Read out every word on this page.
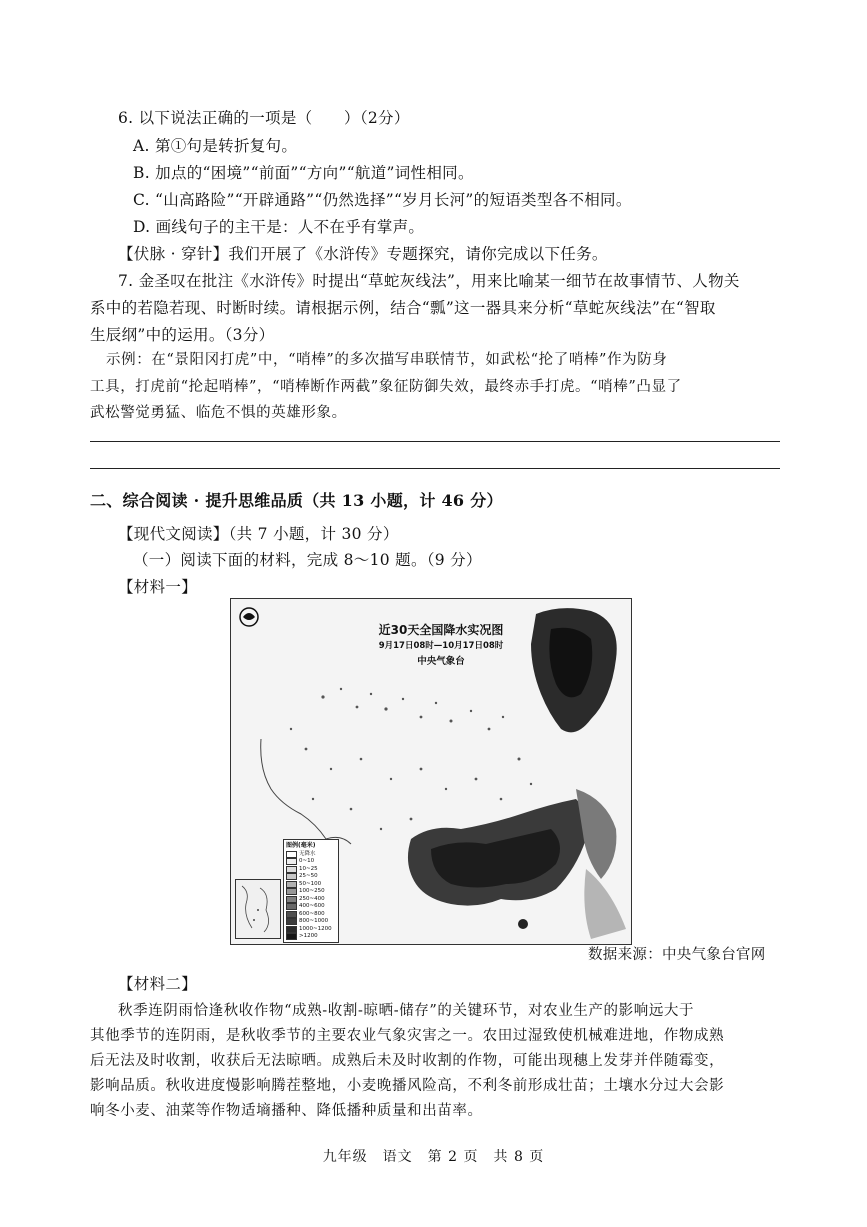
6. 以下说法正确的一项是（　　）（2分）
A. 第①句是转折复句。
B. 加点的“困境”“前面”“方向”“航道”词性相同。
C. “山高路险”“开辟通路”“仍然选择”“岁月长河”的短语类型各不相同。
D. 画线句子的主干是：人不在乎有掌声。
【伏脉 · 穿针】我们开展了《水浒传》专题探究，请你完成以下任务。
7. 金圣叹在批注《水浒传》时提出“草蛇灰线法”，用来比喻某一细节在故事情节、人物关
系中的若隐若现、时断时续。请根据示例，结合“瓢”这一器具来分析“草蛇灰线法”在“智取
生辰纲”中的运用。（3分）
示例：在“景阳冈打虎”中，“哨棒”的多次描写串联情节，如武松“抡了哨棒”作为防身
工具，打虎前“抡起哨棒”，“哨棒断作两截”象征防御失效，最终赤手打虎。“哨棒”凸显了
武松警觉勇猛、临危不惧的英雄形象。
二、综合阅读 · 提升思维品质（共 13 小题，计 46 分）
【现代文阅读】（共 7 小题，计 30 分）
（一）阅读下面的材料，完成 8～10 题。（9 分）
【材料一】
近30天全国降水实况图
9月17日08时—10月17日08时
中央气象台
图例(毫米)
无降水
0~10
10~25
25~50
50~100
100~250
250~400
400~600
600~800
800~1000
1000~1200
>1200
数据来源：中央气象台官网
【材料二】
秋季连阴雨恰逢秋收作物“成熟-收割-晾晒-储存”的关键环节，对农业生产的影响远大于
其他季节的连阴雨，是秋收季节的主要农业气象灾害之一。农田过湿致使机械难进地，作物成熟
后无法及时收割，收获后无法晾晒。成熟后未及时收割的作物，可能出现穗上发芽并伴随霉变，
影响品质。秋收进度慢影响腾茬整地，小麦晚播风险高，不利冬前形成壮苗；土壤水分过大会影
响冬小麦、油菜等作物适墒播种、降低播种质量和出苗率。
九年级　语文　第 2 页　共 8 页
